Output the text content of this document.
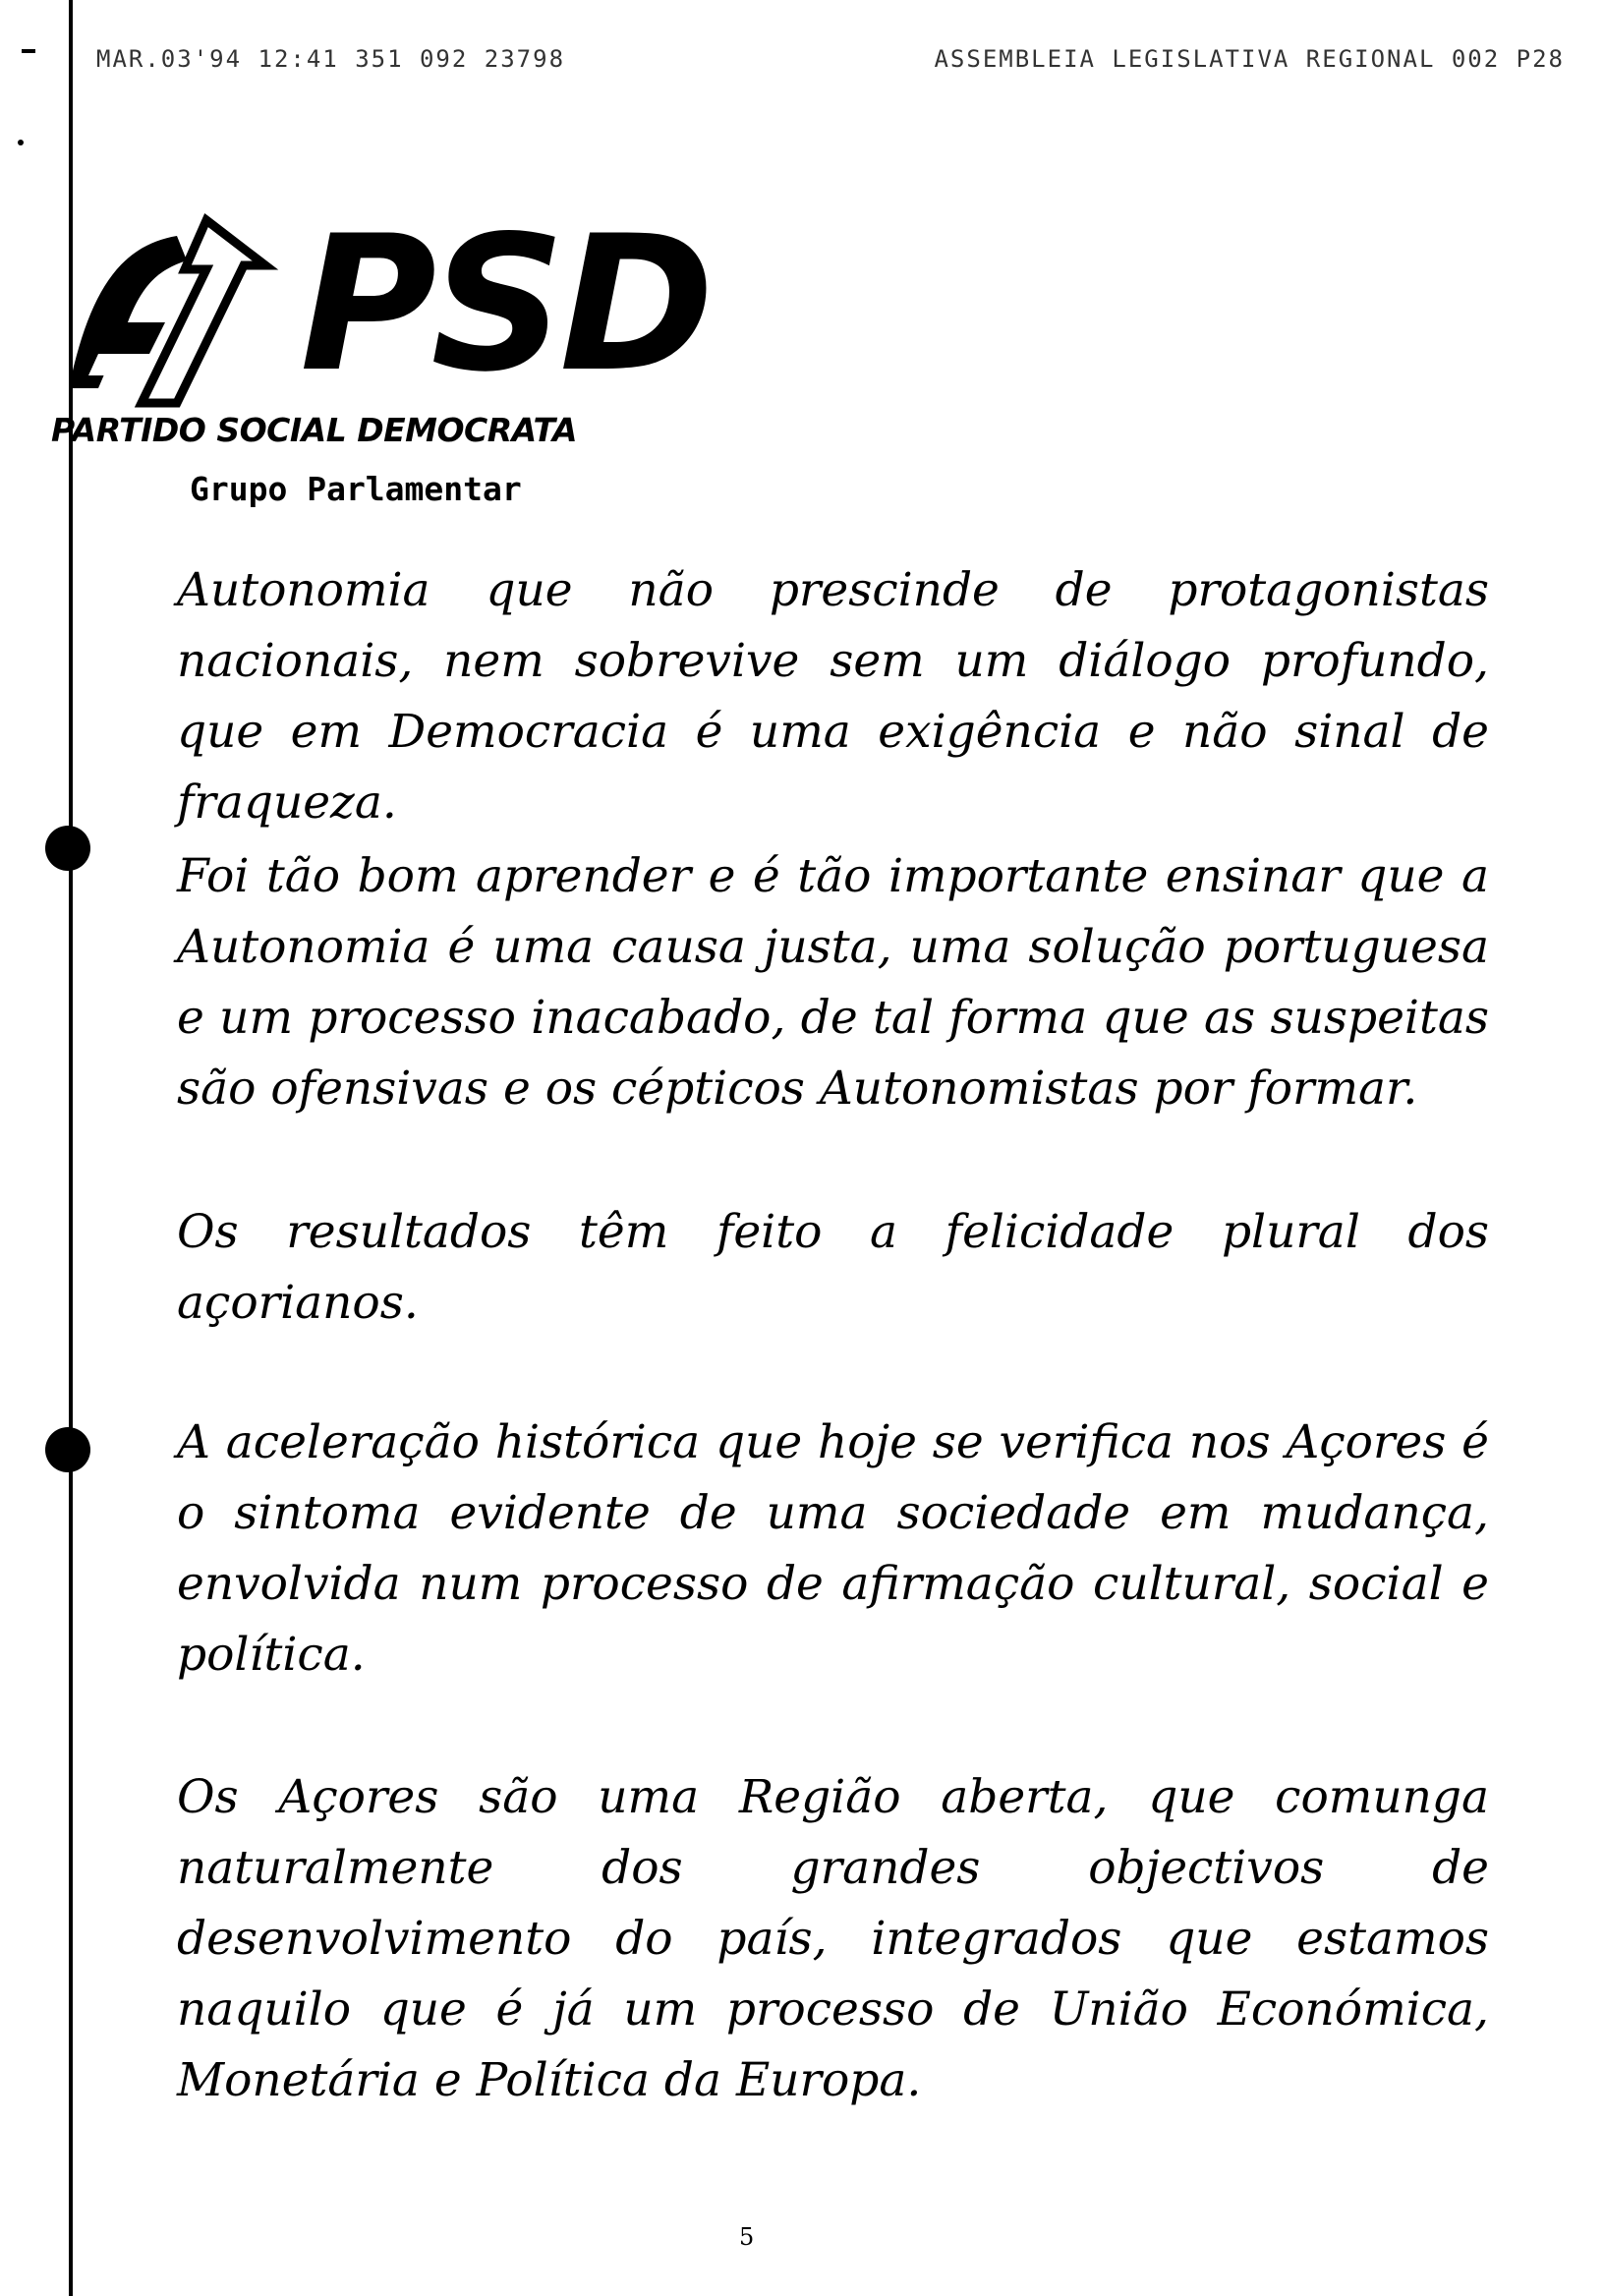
MAR.03'94 12:41 351 092 23798	ASSEMBLEIA LEGISLATIVA REGIONAL 002 P28
PSD
PARTIDO SOCIAL DEMOCRATA
Grupo Parlamentar

Autonomia que não prescinde de protagonistas nacionais, nem sobrevive sem um diálogo profundo, que em Democracia é uma exigência e não sinal de fraqueza.

Foi tão bom aprender e é tão importante ensinar que a Autonomia é uma causa justa, uma solução portuguesa e um processo inacabado, de tal forma que as suspeitas são ofensivas e os cépticos Autonomistas por formar.

Os resultados têm feito a felicidade plural dos açorianos.

A aceleração histórica que hoje se verifica nos Açores é o sintoma evidente de uma sociedade em mudança, envolvida num processo de afirmação cultural, social e política.

Os Açores são uma Região aberta, que comunga naturalmente dos grandes objectivos de desenvolvimento do país, integrados que estamos naquilo que é já um processo de União Económica, Monetária e Política da Europa.

5
